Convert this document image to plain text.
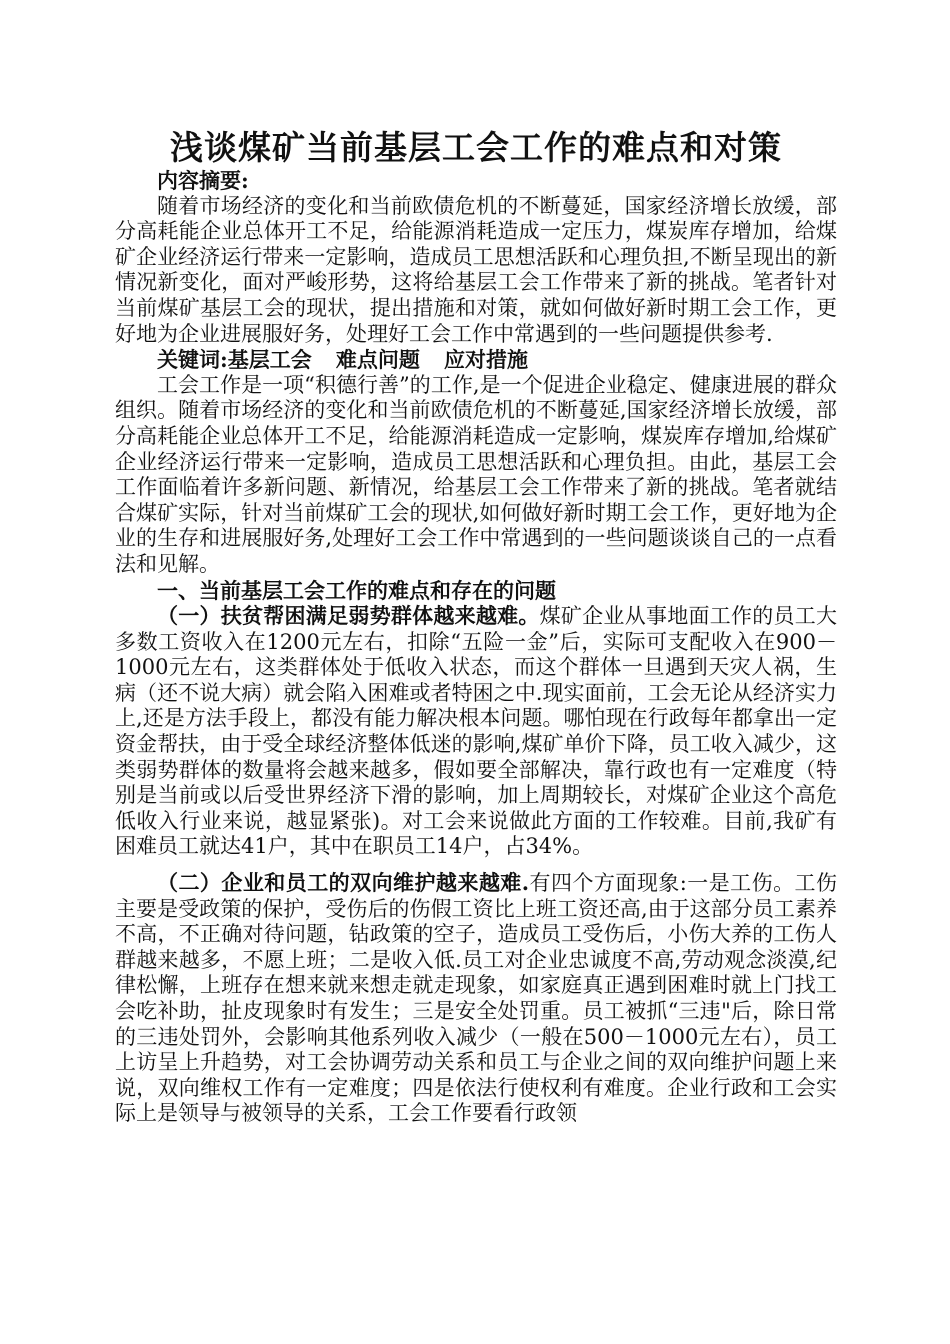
浅谈煤矿当前基层工会工作的难点和对策
内容摘要:

随着市场经济的变化和当前欧债危机的不断蔓延，国家经济增长放缓，部分高耗能企业总体开工不足，给能源消耗造成一定压力，煤炭库存增加，给煤矿企业经济运行带来一定影响，造成员工思想活跃和心理负担,不断呈现出的新情况新变化，面对严峻形势，这将给基层工会工作带来了新的挑战。笔者针对当前煤矿基层工会的现状，提出措施和对策，就如何做好新时期工会工作，更好地为企业进展服好务，处理好工会工作中常遇到的一些问题提供参考.

关键词:基层工会 难点问题 应对措施

工会工作是一项“积德行善”的工作,是一个促进企业稳定、健康进展的群众组织。随着市场经济的变化和当前欧债危机的不断蔓延,国家经济增长放缓，部分高耗能企业总体开工不足，给能源消耗造成一定影响，煤炭库存增加,给煤矿企业经济运行带来一定影响，造成员工思想活跃和心理负担。由此，基层工会工作面临着许多新问题、新情况，给基层工会工作带来了新的挑战。笔者就结合煤矿实际，针对当前煤矿工会的现状,如何做好新时期工会工作，更好地为企业的生存和进展服好务,处理好工会工作中常遇到的一些问题谈谈自己的一点看法和见解。

一、当前基层工会工作的难点和存在的问题

（一）扶贫帮困满足弱势群体越来越难。煤矿企业从事地面工作的员工大多数工资收入在1200元左右，扣除“五险一金”后，实际可支配收入在900－1000元左右，这类群体处于低收入状态，而这个群体一旦遇到天灾人祸，生病（还不说大病）就会陷入困难或者特困之中.现实面前，工会无论从经济实力上,还是方法手段上，都没有能力解决根本问题。哪怕现在行政每年都拿出一定资金帮扶，由于受全球经济整体低迷的影响,煤矿单价下降，员工收入减少，这类弱势群体的数量将会越来越多，假如要全部解决，靠行政也有一定难度（特别是当前或以后受世界经济下滑的影响，加上周期较长，对煤矿企业这个高危低收入行业来说，越显紧张)。对工会来说做此方面的工作较难。目前,我矿有困难员工就达41户，其中在职员工14户，占34%。

（二）企业和员工的双向维护越来越难.有四个方面现象:一是工伤。工伤主要是受政策的保护，受伤后的伤假工资比上班工资还高,由于这部分员工素养不高，不正确对待问题，钻政策的空子，造成员工受伤后，小伤大养的工伤人群越来越多，不愿上班；二是收入低.员工对企业忠诚度不高,劳动观念淡漠,纪律松懈，上班存在想来就来想走就走现象，如家庭真正遇到困难时就上门找工会吃补助，扯皮现象时有发生；三是安全处罚重。员工被抓“三违"后，除日常的三违处罚外，会影响其他系列收入减少（一般在500－1000元左右），员工上访呈上升趋势，对工会协调劳动关系和员工与企业之间的双向维护问题上来说，双向维权工作有一定难度；四是依法行使权利有难度。企业行政和工会实际上是领导与被领导的关系，工会工作要看行政领
